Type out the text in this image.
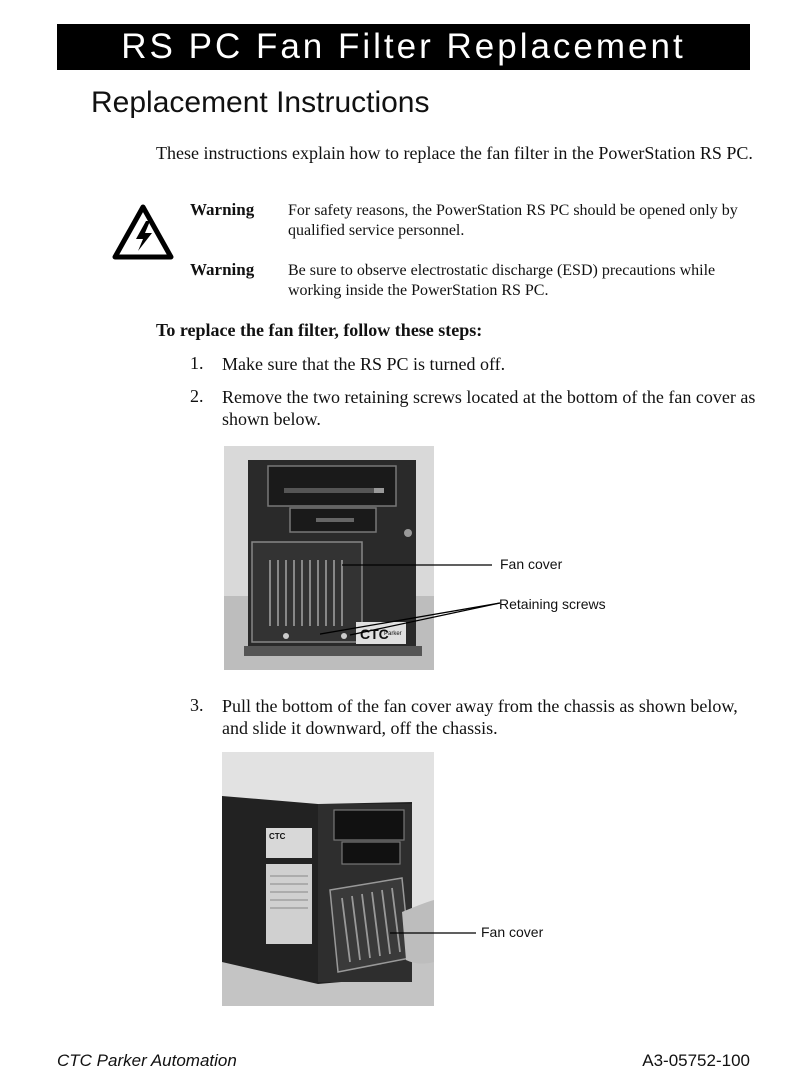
RS PC Fan Filter Replacement
Replacement Instructions
These instructions explain how to replace the fan filter in the PowerStation RS PC.
Warning For safety reasons, the PowerStation RS PC should be opened only by qualified service personnel.
Warning Be sure to observe electrostatic discharge (ESD) precautions while working inside the PowerStation RS PC.
To replace the fan filter, follow these steps:
1. Make sure that the RS PC is turned off.
2. Remove the two retaining screws located at the bottom of the fan cover as shown below.
CTC
Parker
Fan cover
Retaining screws
3. Pull the bottom of the fan cover away from the chassis as shown below, and slide it downward, off the chassis.
CTC
Fan cover
CTC Parker Automation	A3-05752-100
